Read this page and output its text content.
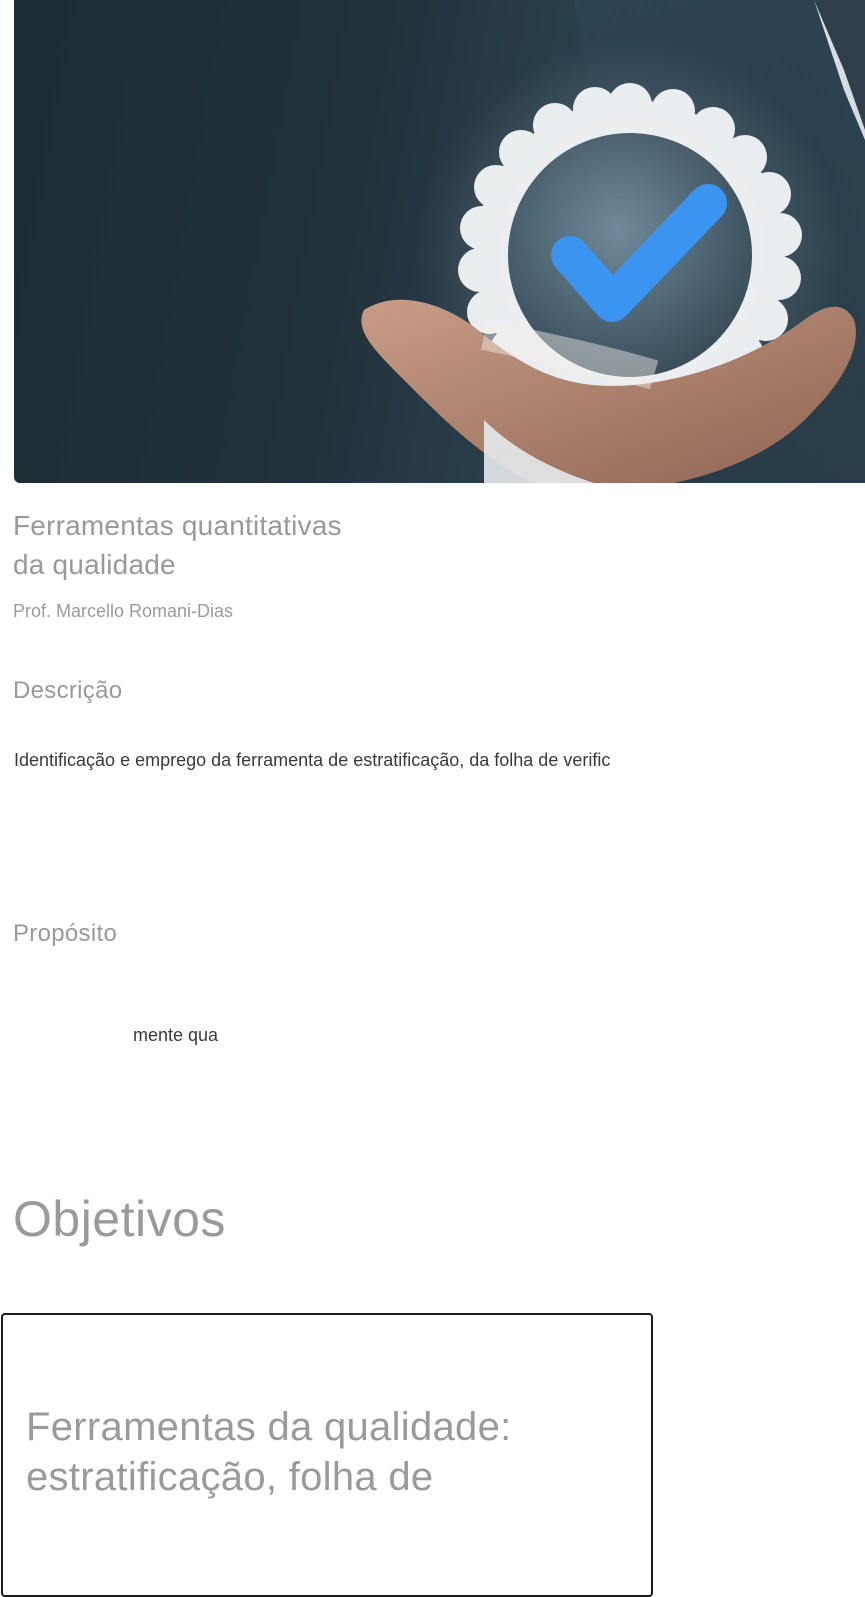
Ferramentas quantitativas
da qualidade
Prof. Marcello Romani-Dias
Descrição
Identificação e emprego da ferramenta de estratificação, da folha de verific
Propósito
mente qua
Objetivos
Ferramentas da qualidade: estratificação, folha de
